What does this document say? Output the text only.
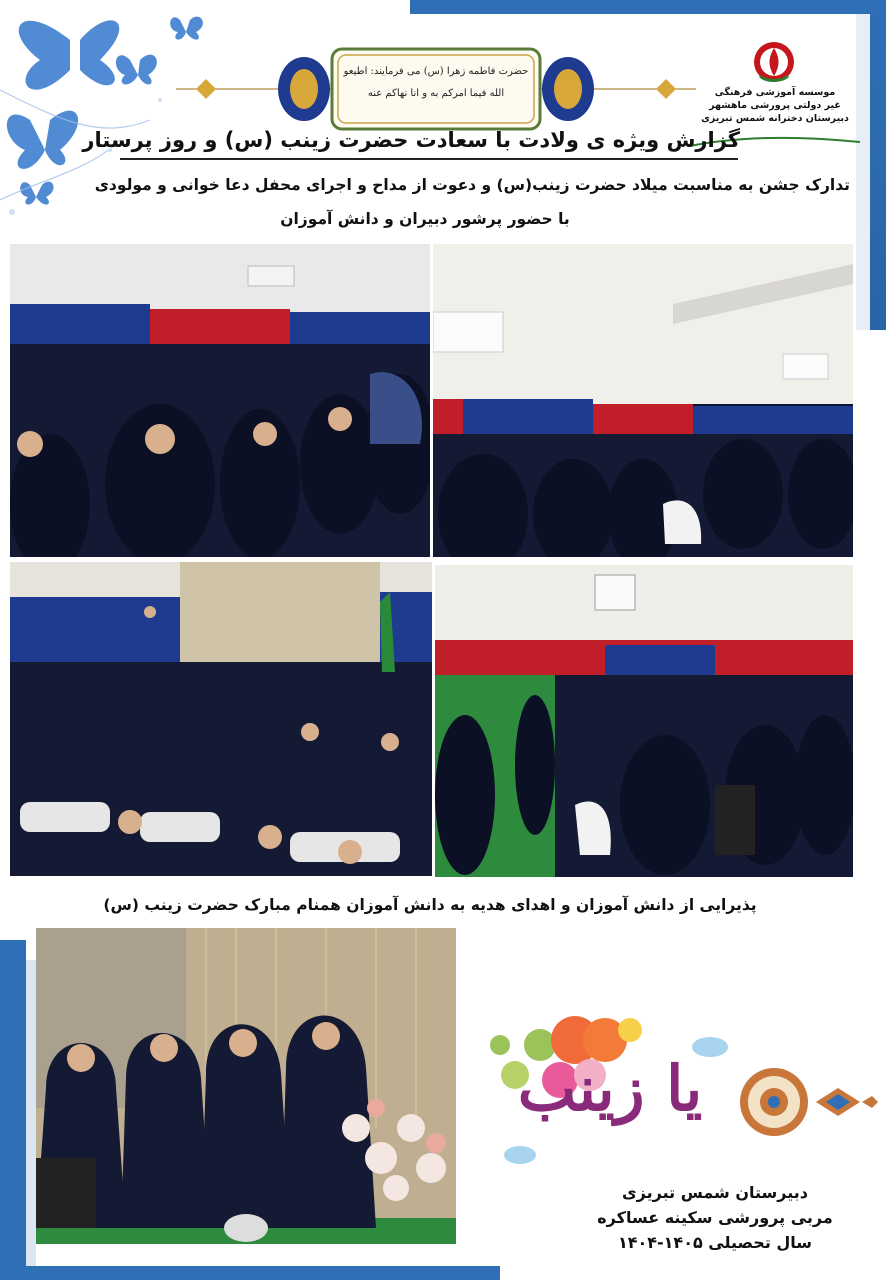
حضرت فاطمه زهرا (س) می فرمایند: اطیعو الله فیما امرکم به و انا نهاکم عنه	موسسه آموزشی فرهنگی
غیر دولتی پرورشی ماهشهر
دبیرستان دخترانه شمس تبریزی
گزارش ویژه ی ولادت با سعادت حضرت زینب (س) و روز پرستار
تدارک جشن به مناسبت میلاد حضرت زینب(س) و دعوت از مداح و اجرای محفل دعا خوانی و مولودی
با حضور پرشور دبیران و دانش آموزان
پذیرایی از دانش آموزان و اهدای هدیه به دانش آموزان همنام مبارک حضرت زینب (س)
یا زینب
دبیرستان شمس تبریزی
مربی پرورشی سکینه عساکره
سال تحصیلی ۱۴۰۵-۱۴۰۴
